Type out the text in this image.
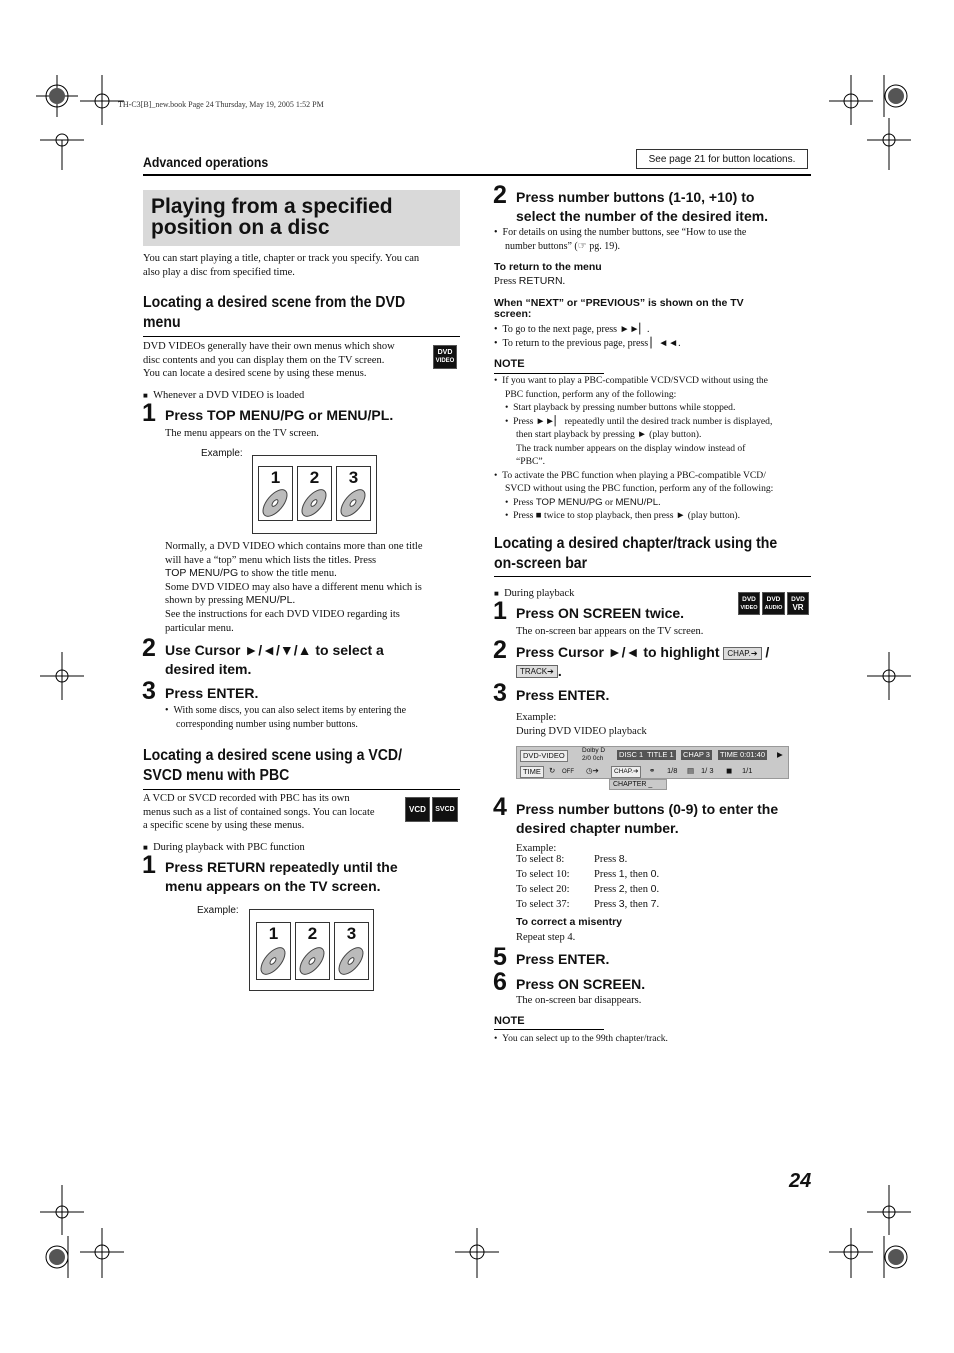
TH-C3[B]_new.book Page 24 Thursday, May 19, 2005 1:52 PM
Advanced operations	See page 21 for button locations.
Playing from a specified
position on a disc
You can start playing a title, chapter or track you specify. You can
also play a disc from specified time.
Locating a desired scene from the DVD
menu
DVD VIDEOs generally have their own menus which show
disc contents and you can display them on the TV screen.
You can locate a desired scene by using these menus.
DVD
VIDEO
■ Whenever a DVD VIDEO is loaded
1 Press TOP MENU/PG or MENU/PL.
The menu appears on the TV screen.
Example:
1	2	3
Normally, a DVD VIDEO which contains more than one title
will have a “top” menu which lists the titles. Press
TOP MENU/PG to show the title menu.
Some DVD VIDEO may also have a different menu which is
shown by pressing MENU/PL.
See the instructions for each DVD VIDEO regarding its
particular menu.
2 Use Cursor ►/◄/▼/▲ to select a
desired item.
3 Press ENTER.
•  With some discs, you can also select items by entering the
corresponding number using number buttons.
Locating a desired scene using a VCD/
SVCD menu with PBC
A VCD or SVCD recorded with PBC has its own
menus such as a list of contained songs. You can locate
a specific scene by using these menus.
VCD	SVCD
■ During playback with PBC function
1 Press RETURN repeatedly until the
menu appears on the TV screen.
Example:
1	2	3
2 Press number buttons (1-10, +10) to
select the number of the desired item.
•  For details on using the number buttons, see “How to use the
number buttons” (☞ pg. 19).
To return to the menu
Press RETURN.
When “NEXT” or “PREVIOUS” is shown on the TV
screen:
•  To go to the next page, press ►►▏.
•  To return to the previous page, press ▏◄◄.
NOTE
•  If you want to play a PBC-compatible VCD/SVCD without using the
PBC function, perform any of the following:
•  Start playback by pressing number buttons while stopped.
•  Press ►►▏ repeatedly until the desired track number is displayed,
then start playback by pressing ► (play button).
The track number appears on the display window instead of
“PBC”.
•  To activate the PBC function when playing a PBC-compatible VCD/
SVCD without using the PBC function, perform any of the following:
•  Press TOP MENU/PG or MENU/PL.
•  Press ■ twice to stop playback, then press ► (play button).
Locating a desired chapter/track using the
on-screen bar
■ During playback	DVD
VIDEO
DVD
AUDIO
DVD
VR
1 Press ON SCREEN twice.
The on-screen bar appears on the TV screen.
2 Press Cursor ►/◄ to highlight CHAP.➔ /
TRACK➔ .
3 Press ENTER.
Example:
During DVD VIDEO playback
DVD-VIDEO
Dolby D
2/0 0ch DISC 1 TITLE 1 CHAP 3 TIME 0:01:40 ▶
TIME	↻ OFF ◷➔	CHAP.➔	⚭ 1/8 ▤ 1/ 3 ◼ 1/1
CHAPTER _
4 Press number buttons (0-9) to enter the
desired chapter number.
Example:
To select 8:	Press 8.
To select 10: Press 1, then 0.
To select 20: Press 2, then 0.
To select 37: Press 3, then 7.
To correct a misentry
Repeat step 4.
5 Press ENTER.
6 Press ON SCREEN.
The on-screen bar disappears.
NOTE
•  You can select up to the 99th chapter/track.
24
